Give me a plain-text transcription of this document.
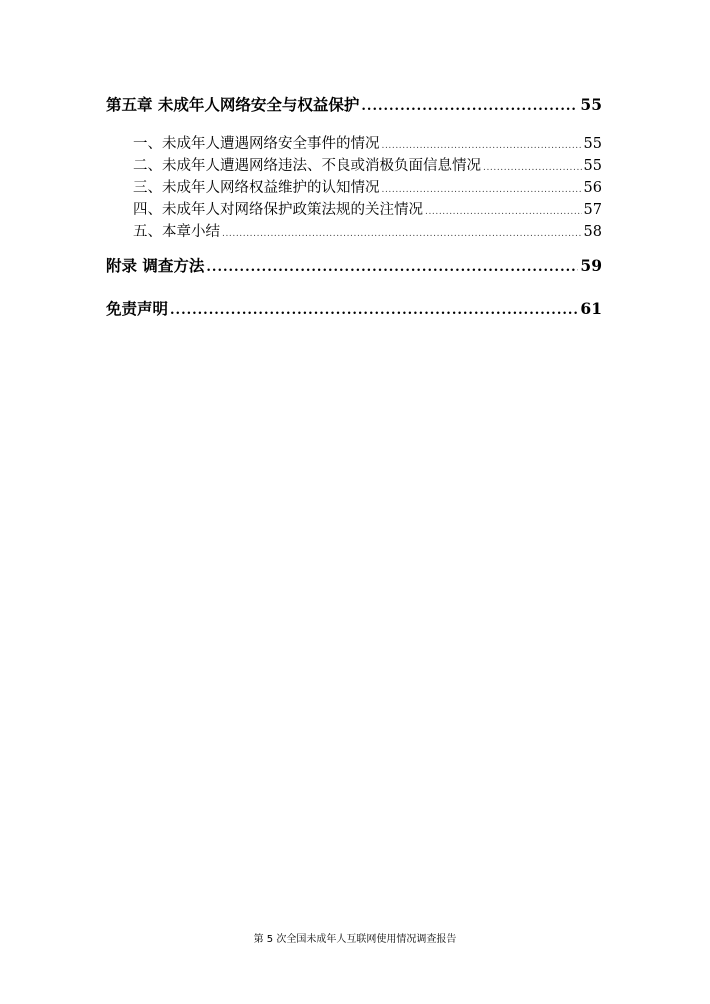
第五章 未成年人网络安全与权益保护 .....	55
一、未成年人遭遇网络安全事件的情况 .....	55
二、未成年人遭遇网络违法、不良或消极负面信息情况 .....	55
三、未成年人网络权益维护的认知情况 .....	56
四、未成年人对网络保护政策法规的关注情况 .....	57
五、本章小结 .....	58
附录 调查方法 .....	59
免责声明 .....	61
第 5 次全国未成年人互联网使用情况调查报告
